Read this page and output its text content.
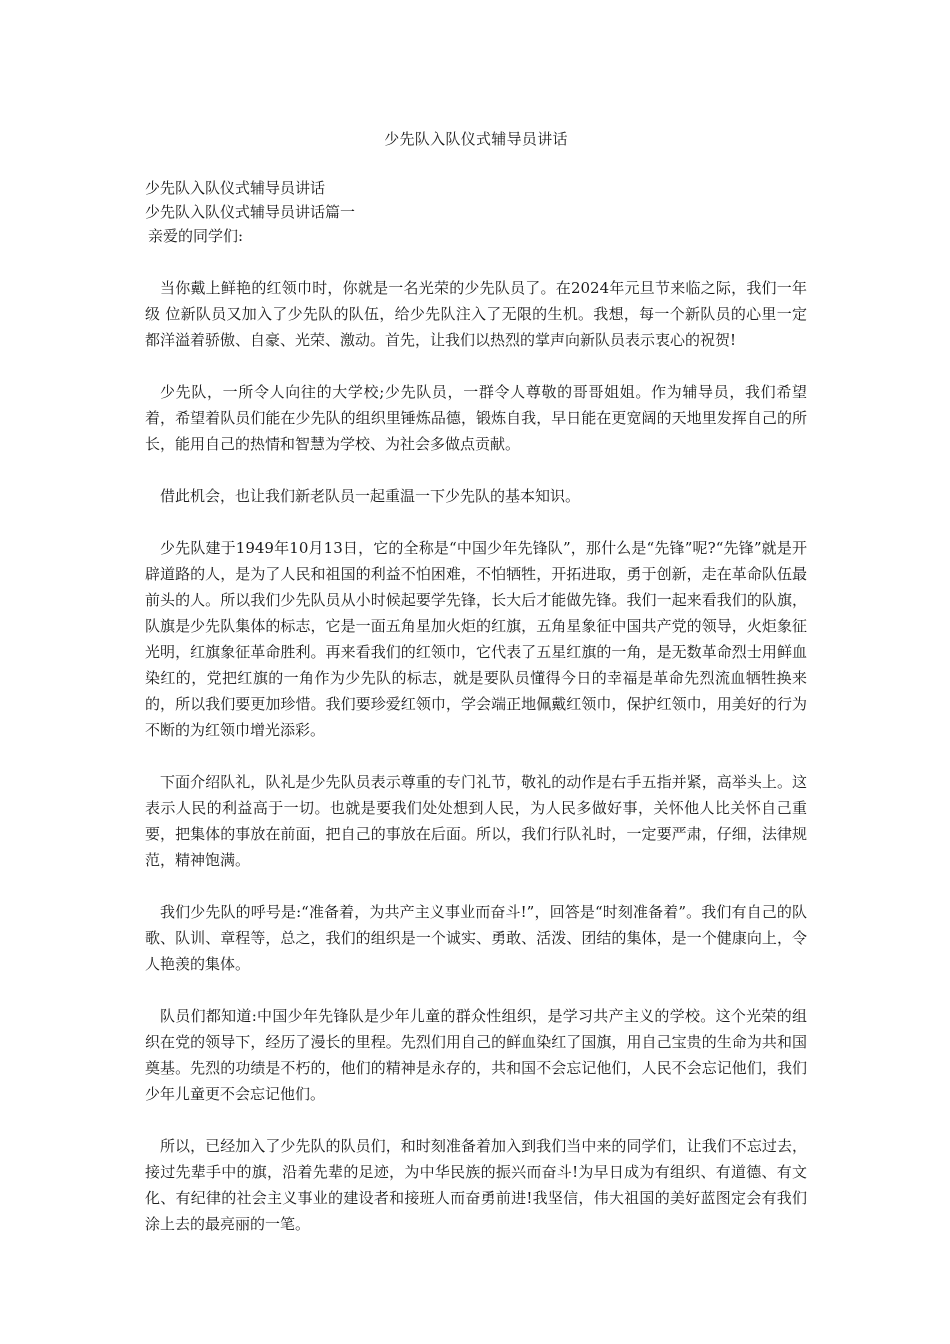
少先队入队仪式辅导员讲话
少先队入队仪式辅导员讲话
少先队入队仪式辅导员讲话篇一
亲爱的同学们:

当你戴上鲜艳的红领巾时，你就是一名光荣的少先队员了。在2024年元旦节来临之际，我们一年级 位新队员又加入了少先队的队伍，给少先队注入了无限的生机。我想，每一个新队员的心里一定都洋溢着骄傲、自豪、光荣、激动。首先，让我们以热烈的掌声向新队员表示衷心的祝贺!

少先队，一所令人向往的大学校;少先队员，一群令人尊敬的哥哥姐姐。作为辅导员，我们希望着，希望着队员们能在少先队的组织里锤炼品德，锻炼自我，早日能在更宽阔的天地里发挥自己的所长，能用自己的热情和智慧为学校、为社会多做点贡献。

借此机会，也让我们新老队员一起重温一下少先队的基本知识。

少先队建于1949年10月13日，它的全称是“中国少年先锋队”，那什么是“先锋”呢?“先锋”就是开辟道路的人，是为了人民和祖国的利益不怕困难，不怕牺牲，开拓进取，勇于创新，走在革命队伍最前头的人。所以我们少先队员从小时候起要学先锋，长大后才能做先锋。我们一起来看我们的队旗，队旗是少先队集体的标志，它是一面五角星加火炬的红旗，五角星象征中国共产党的领导，火炬象征光明，红旗象征革命胜利。再来看我们的红领巾，它代表了五星红旗的一角，是无数革命烈士用鲜血染红的，党把红旗的一角作为少先队的标志，就是要队员懂得今日的幸福是革命先烈流血牺牲换来的，所以我们要更加珍惜。我们要珍爱红领巾，学会端正地佩戴红领巾，保护红领巾，用美好的行为不断的为红领巾增光添彩。

下面介绍队礼，队礼是少先队员表示尊重的专门礼节，敬礼的动作是右手五指并紧，高举头上。这表示人民的利益高于一切。也就是要我们处处想到人民，为人民多做好事，关怀他人比关怀自己重要，把集体的事放在前面，把自己的事放在后面。所以，我们行队礼时，一定要严肃，仔细，法律规范，精神饱满。

我们少先队的呼号是:“准备着，为共产主义事业而奋斗!”，回答是“时刻准备着”。我们有自己的队歌、队训、章程等，总之，我们的组织是一个诚实、勇敢、活泼、团结的集体，是一个健康向上，令人艳羡的集体。

队员们都知道:中国少年先锋队是少年儿童的群众性组织，是学习共产主义的学校。这个光荣的组织在党的领导下，经历了漫长的里程。先烈们用自己的鲜血染红了国旗，用自己宝贵的生命为共和国奠基。先烈的功绩是不朽的，他们的精神是永存的，共和国不会忘记他们，人民不会忘记他们，我们少年儿童更不会忘记他们。

所以，已经加入了少先队的队员们，和时刻准备着加入到我们当中来的同学们，让我们不忘过去，接过先辈手中的旗，沿着先辈的足迹，为中华民族的振兴而奋斗!为早日成为有组织、有道德、有文化、有纪律的社会主义事业的建设者和接班人而奋勇前进!我坚信，伟大祖国的美好蓝图定会有我们涂上去的最亮丽的一笔。
